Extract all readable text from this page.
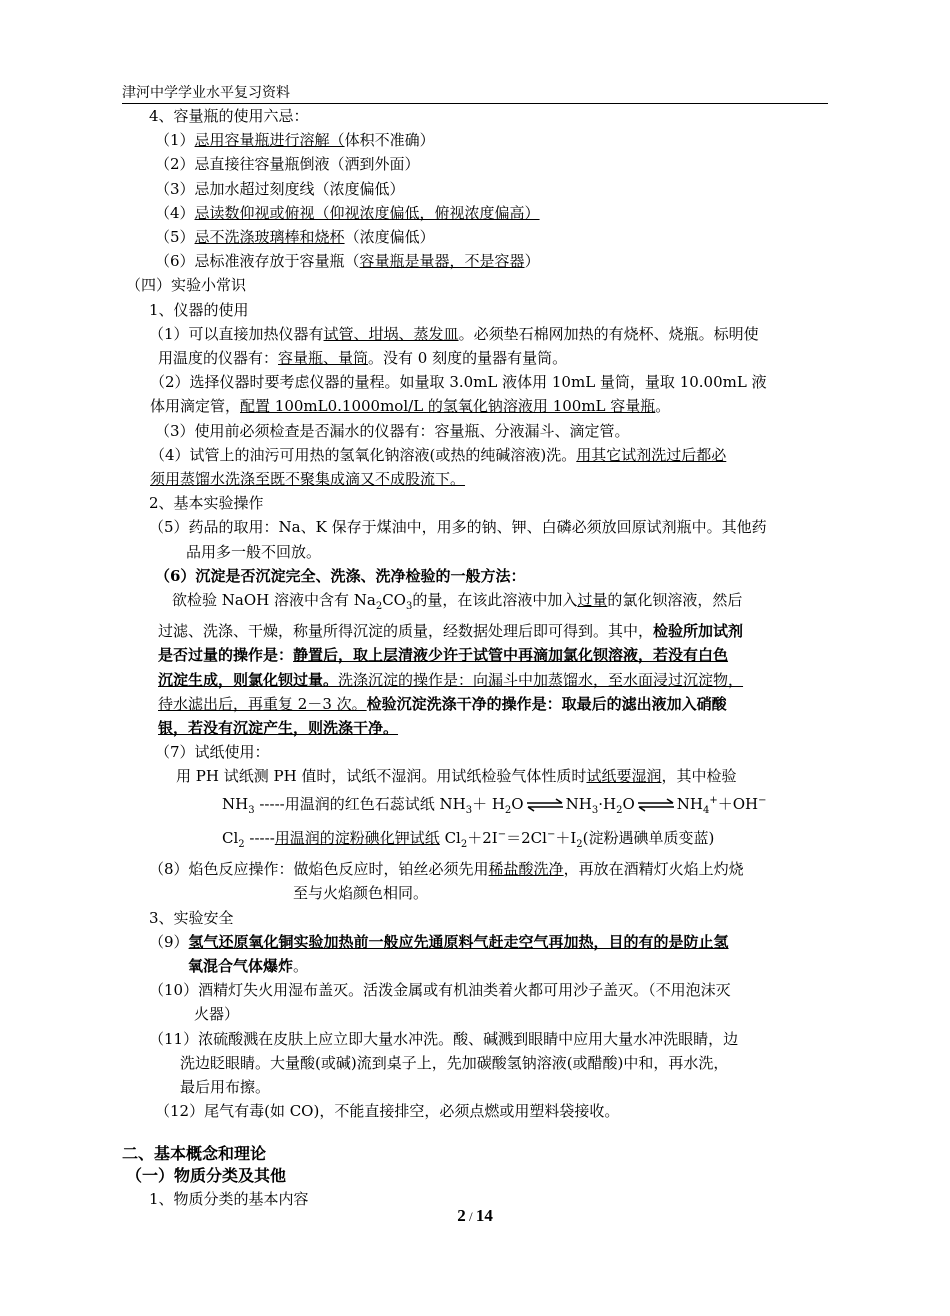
津河中学学业水平复习资料
4、容量瓶的使用六忌：
（1）忌用容量瓶进行溶解（体积不准确）
（2）忌直接往容量瓶倒液（洒到外面）
（3）忌加水超过刻度线（浓度偏低）
（4）忌读数仰视或俯视（仰视浓度偏低，俯视浓度偏高）
（5）忌不洗涤玻璃棒和烧杯（浓度偏低）
（6）忌标准液存放于容量瓶（容量瓶是量器，不是容器）
（四）实验小常识
1、仪器的使用
（1）可以直接加热仪器有试管、坩埚、蒸发皿。必须垫石棉网加热的有烧杯、烧瓶。标明使
用温度的仪器有：容量瓶、量筒。没有 0 刻度的量器有量筒。
（2）选择仪器时要考虑仪器的量程。如量取 3.0mL 液体用 10mL 量筒，量取 10.00mL 液
体用滴定管，配置 100mL0.1000mol/L 的氢氧化钠溶液用 100mL 容量瓶。
（3）使用前必须检查是否漏水的仪器有：容量瓶、分液漏斗、滴定管。
（4）试管上的油污可用热的氢氧化钠溶液(或热的纯碱溶液)洗。用其它试剂洗过后都必
须用蒸馏水洗涤至既不聚集成滴又不成股流下。
2、基本实验操作
（5）药品的取用：Na、K 保存于煤油中，用多的钠、钾、白磷必须放回原试剂瓶中。其他药
品用多一般不回放。
（6）沉淀是否沉淀完全、洗涤、洗净检验的一般方法：
欲检验 NaOH 溶液中含有 $Na_2CO_3$的量，在该此溶液中加入过量的氯化钡溶液，然后
过滤、洗涤、干燥，称量所得沉淀的质量，经数据处理后即可得到。其中，检验所加试剂
是否过量的操作是：静置后，取上层清液少许于试管中再滴加氯化钡溶液，若没有白色
沉淀生成，则氯化钡过量。洗涤沉淀的操作是：向漏斗中加蒸馏水，至水面浸过沉淀物，
待水滤出后，再重复 2－3 次。检验沉淀洗涤干净的操作是：取最后的滤出液加入硝酸
银，若没有沉淀产生，则洗涤干净。
（7）试纸使用：
用 PH 试纸测 PH 值时，试纸不湿润。用试纸检验气体性质时试纸要湿润，其中检验
$NH_3$ -----用温润的红色石蕊试纸 $NH_3+ H_2O$ ⇌ $NH_3\cdot H_2O$ ⇌ $NH_4^++OH^-$
$Cl_2$ -----用温润的淀粉碘化钾试纸 $Cl_2+2I^-=2Cl^-+I_2$(淀粉遇碘单质变蓝)
（8）焰色反应操作：做焰色反应时，铂丝必须先用稀盐酸洗净，再放在酒精灯火焰上灼烧
至与火焰颜色相同。
3、实验安全
（9）氢气还原氧化铜实验加热前一般应先通原料气赶走空气再加热，目的有的是防止氢
氧混合气体爆炸。
（10）酒精灯失火用湿布盖灭。活泼金属或有机油类着火都可用沙子盖灭。（不用泡沫灭
火器）
（11）浓硫酸溅在皮肤上应立即大量水冲洗。酸、碱溅到眼睛中应用大量水冲洗眼睛，边
洗边眨眼睛。大量酸(或碱)流到桌子上，先加碳酸氢钠溶液(或醋酸)中和，再水洗，
最后用布擦。
（12）尾气有毒(如 CO)，不能直接排空，必须点燃或用塑料袋接收。
二、基本概念和理论
（一）物质分类及其他
1、物质分类的基本内容
2 / 14
